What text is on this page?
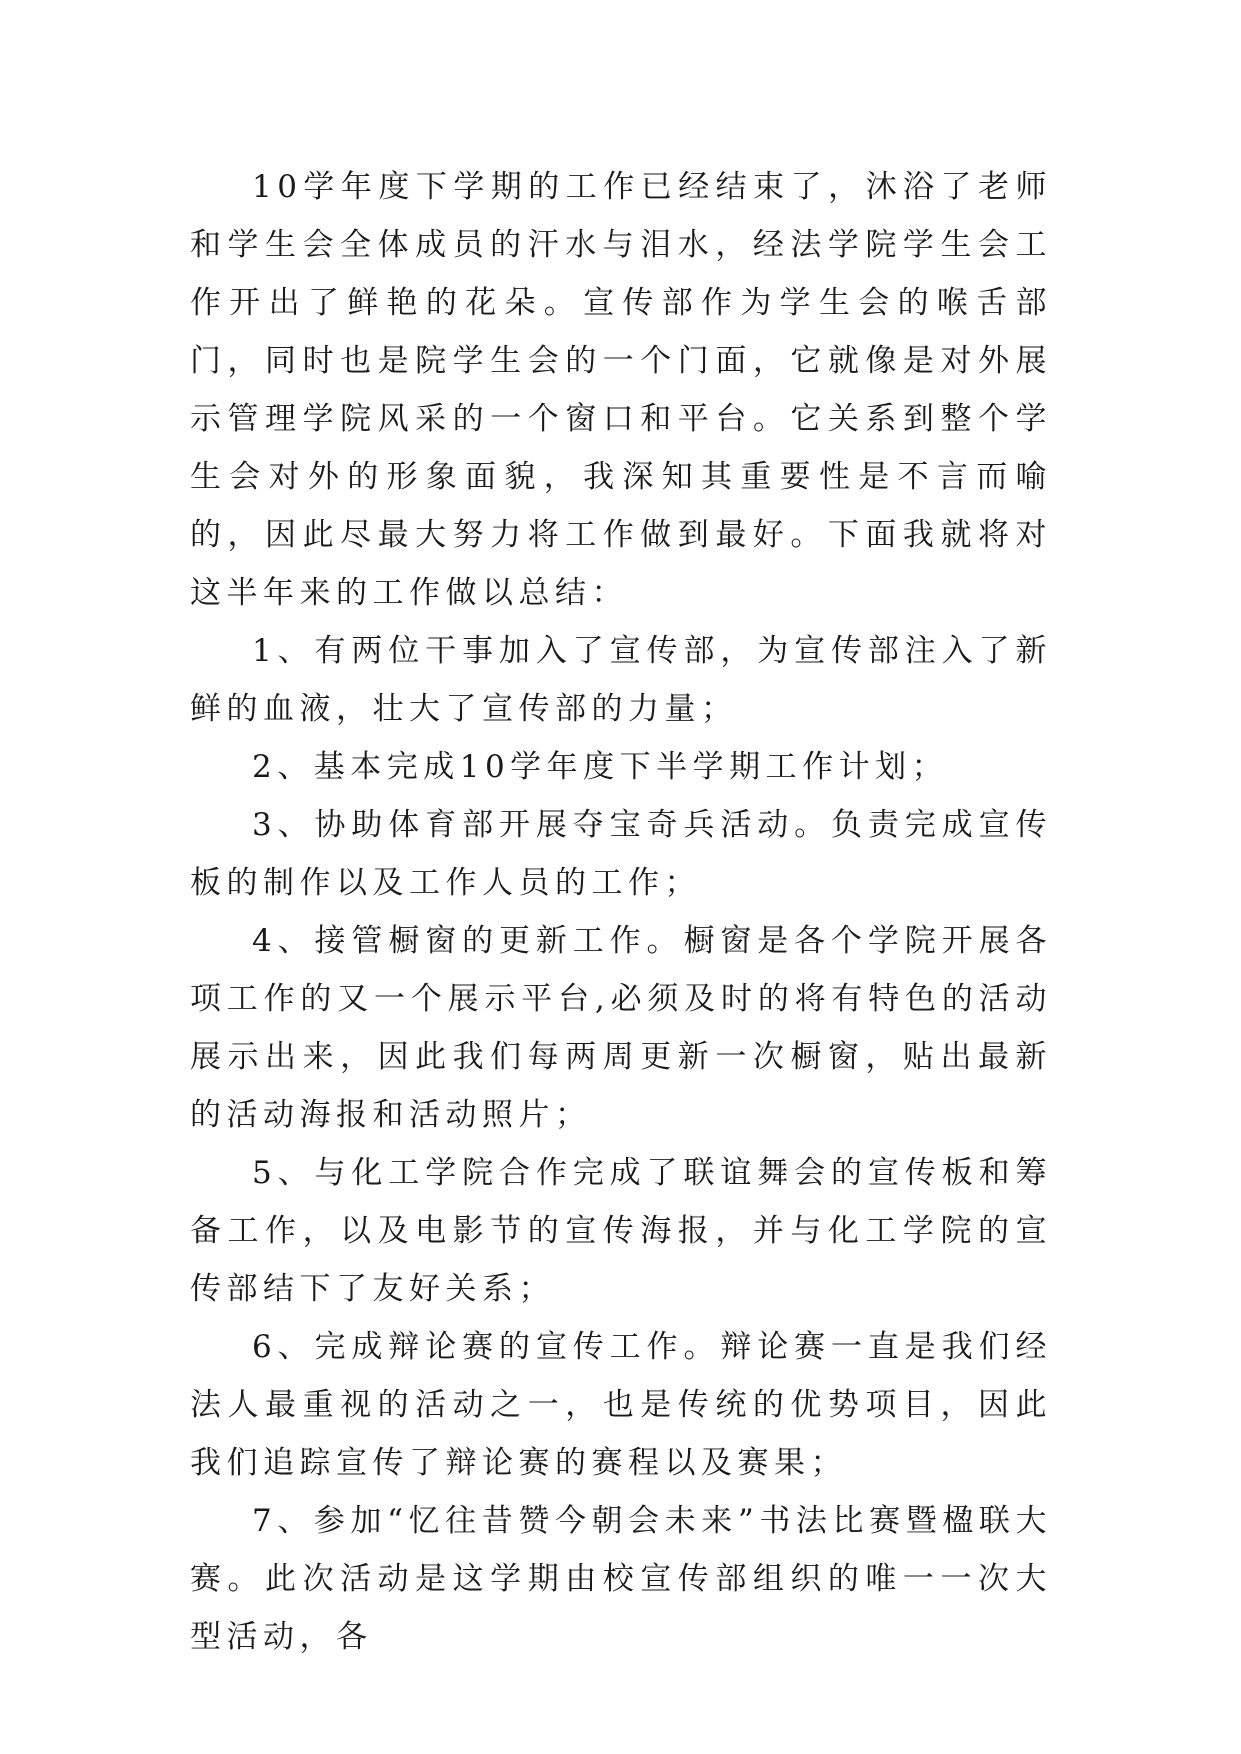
10学年度下学期的工作已经结束了，沐浴了老师和学生会全体成员的汗水与泪水，经法学院学生会工作开出了鲜艳的花朵。宣传部作为学生会的喉舌部门，同时也是院学生会的一个门面，它就像是对外展示管理学院风采的一个窗口和平台。它关系到整个学生会对外的形象面貌，我深知其重要性是不言而喻的，因此尽最大努力将工作做到最好。下面我就将对这半年来的工作做以总结：

1、有两位干事加入了宣传部，为宣传部注入了新鲜的血液，壮大了宣传部的力量；

2、基本完成10学年度下半学期工作计划；

3、协助体育部开展夺宝奇兵活动。负责完成宣传板的制作以及工作人员的工作；

4、接管橱窗的更新工作。橱窗是各个学院开展各项工作的又一个展示平台,必须及时的将有特色的活动展示出来，因此我们每两周更新一次橱窗，贴出最新的活动海报和活动照片；

5、与化工学院合作完成了联谊舞会的宣传板和筹备工作，以及电影节的宣传海报，并与化工学院的宣传部结下了友好关系；

6、完成辩论赛的宣传工作。辩论赛一直是我们经法人最重视的活动之一，也是传统的优势项目，因此我们追踪宣传了辩论赛的赛程以及赛果；

7、参加“忆往昔赞今朝会未来”书法比赛暨楹联大赛。此次活动是这学期由校宣传部组织的唯一一次大型活动，各
